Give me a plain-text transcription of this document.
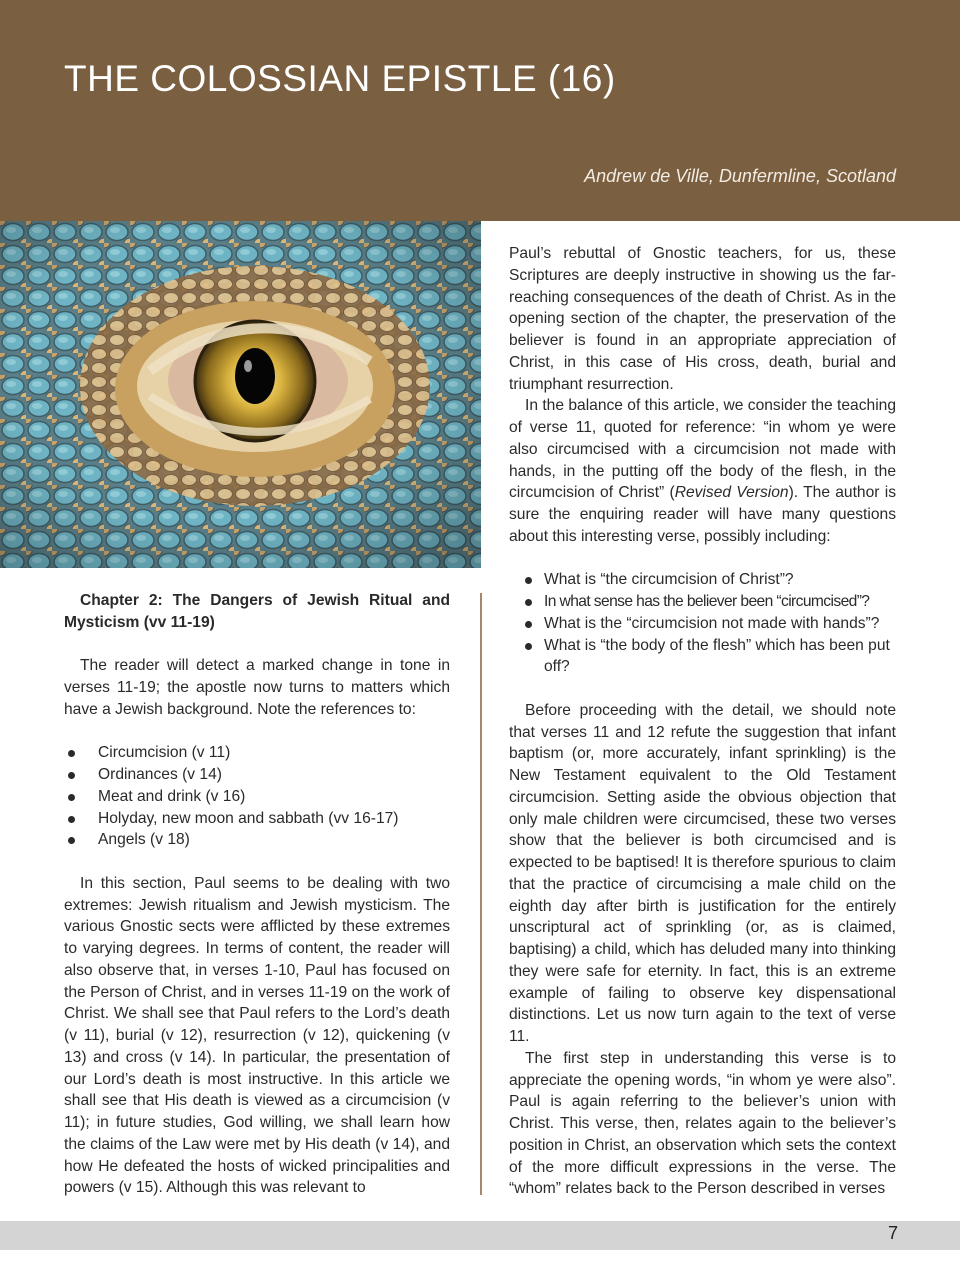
THE COLOSSIAN EPISTLE (16)
Andrew de Ville, Dunfermline, Scotland

Chapter 2: The Dangers of Jewish Ritual and Mysticism (vv 11-19)

The reader will detect a marked change in tone in verses 11-19; the apostle now turns to matters which have a Jewish background. Note the references to:

Circumcision (v 11)
Ordinances (v 14)
Meat and drink (v 16)
Holyday, new moon and sabbath (vv 16-17)
Angels (v 18)

In this section, Paul seems to be dealing with two extremes: Jewish ritualism and Jewish mysticism. The various Gnostic sects were afflicted by these extremes to varying degrees. In terms of content, the reader will also observe that, in verses 1-10, Paul has focused on the Person of Christ, and in verses 11-19 on the work of Christ. We shall see that Paul refers to the Lord’s death (v 11), burial (v 12), resurrection (v 12), quickening (v 13) and cross (v 14). In particular, the presentation of our Lord’s death is most instructive. In this article we shall see that His death is viewed as a circumcision (v 11); in future studies, God willing, we shall learn how the claims of the Law were met by His death (v 14), and how He defeated the hosts of wicked principalities and powers (v 15). Although this was relevant to

Paul’s rebuttal of Gnostic teachers, for us, these Scriptures are deeply instructive in showing us the far-reaching consequences of the death of Christ. As in the opening section of the chapter, the preservation of the believer is found in an appropriate appreciation of Christ, in this case of His cross, death, burial and triumphant resurrection.

In the balance of this article, we consider the teaching of verse 11, quoted for reference: “in whom ye were also circumcised with a circumcision not made with hands, in the putting off the body of the flesh, in the circumcision of Christ” (Revised Version). The author is sure the enquiring reader will have many questions about this interesting verse, possibly including:

What is “the circumcision of Christ”?
In what sense has the believer been “circumcised”?
What is the “circumcision not made with hands”?
What is “the body of the flesh” which has been put off?

Before proceeding with the detail, we should note that verses 11 and 12 refute the suggestion that infant baptism (or, more accurately, infant sprinkling) is the New Testament equivalent to the Old Testament circumcision. Setting aside the obvious objection that only male children were circumcised, these two verses show that the believer is both circumcised and is expected to be baptised! It is therefore spurious to claim that the practice of circumcising a male child on the eighth day after birth is justification for the entirely unscriptural act of sprinkling (or, as is claimed, baptising) a child, which has deluded many into thinking they were safe for eternity. In fact, this is an extreme example of failing to observe key dispensational distinctions. Let us now turn again to the text of verse 11.

The first step in understanding this verse is to appreciate the opening words, “in whom ye were also”. Paul is again referring to the believer’s union with Christ. This verse, then, relates again to the believer’s position in Christ, an observation which sets the context of the more difficult expressions in the verse. The “whom” relates back to the Person described in verses

7
